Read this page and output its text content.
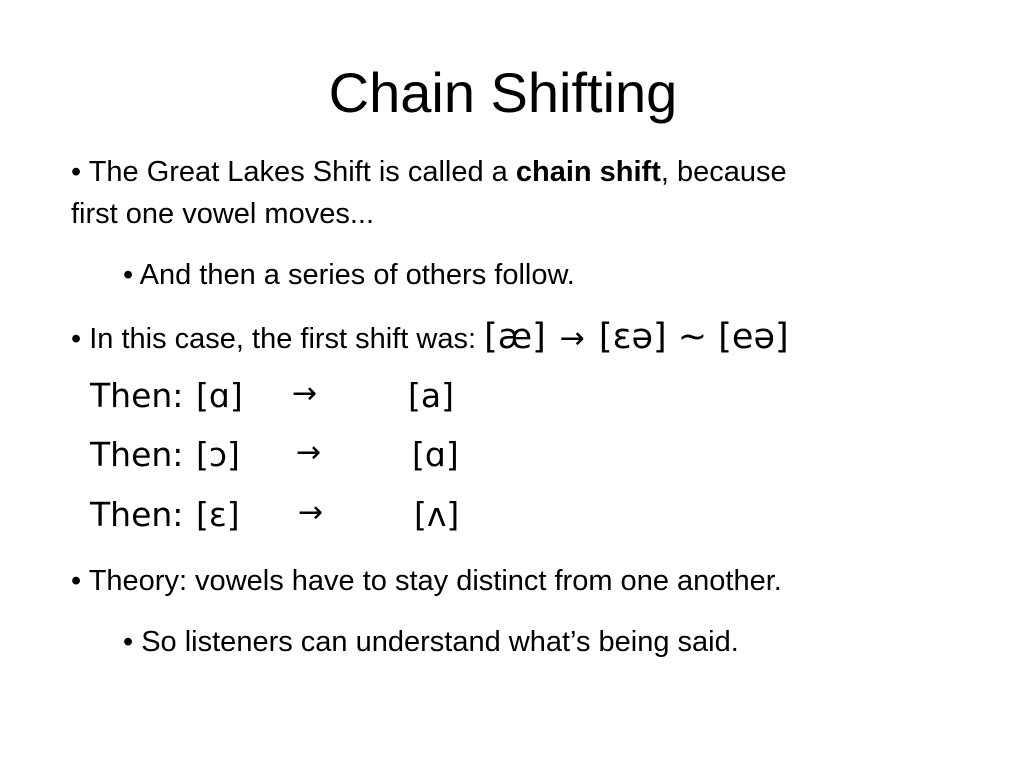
Chain Shifting
• The Great Lakes Shift is called a chain shift, because
first one vowel moves...
• And then a series of others follow.
• In this case, the first shift was: [æ] → [ɛə] ~ [eə]
Then: [ɑ] →	[a]
Then: [ɔ] →	[ɑ]
Then: [ɛ] →	[ʌ]
• Theory: vowels have to stay distinct from one another.
• So listeners can understand what’s being said.
